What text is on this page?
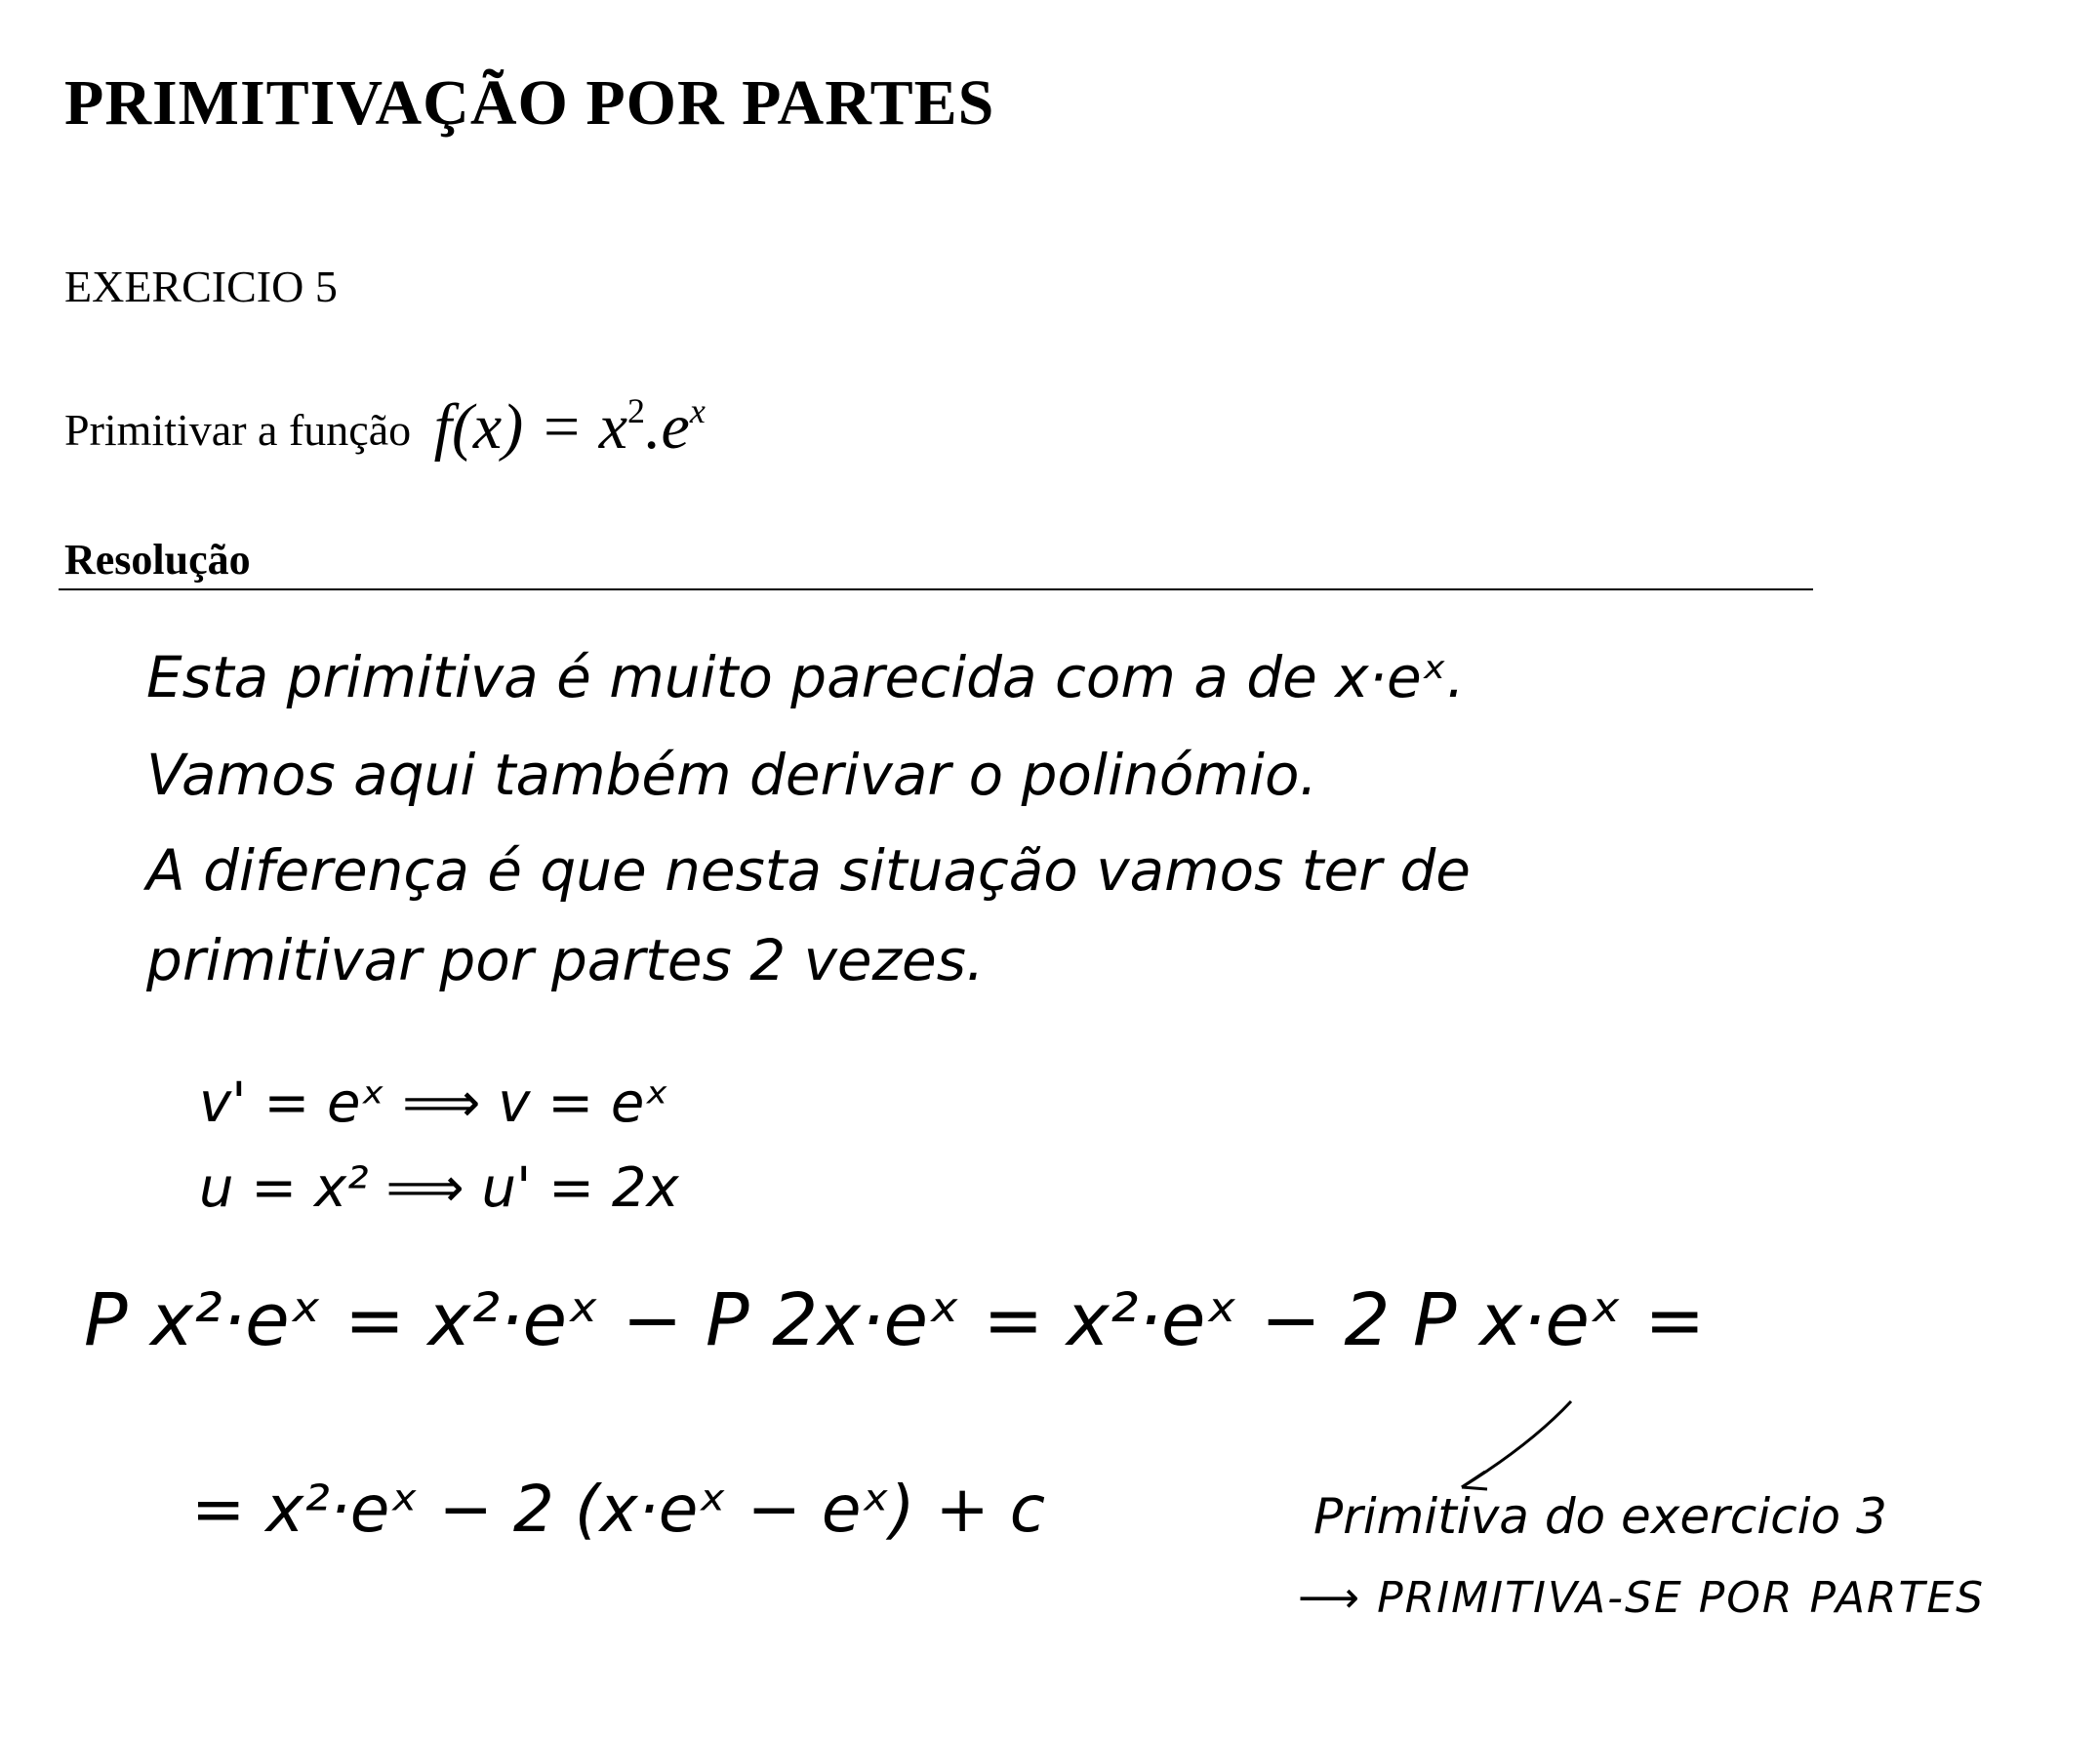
PRIMITIVAÇÃO POR PARTES
EXERCICIO 5
Primitivar a função $f(x) = x^2.e^x$
Resolução
Esta primitiva é muito parecida com a de x·eˣ.
Vamos aqui também derivar o polinómio.
A diferença é que nesta situação vamos ter de
primitivar por partes 2 vezes.
v' = eˣ ⟹ v = eˣ
u = x² ⟹ u' = 2x
P x²·eˣ = x²·eˣ − P 2x·eˣ = x²·eˣ − 2 P x·eˣ =
= x²·eˣ − 2 (x·eˣ − eˣ) + c	Primitiva do exercicio 3
⟶ PRIMITIVA-SE POR PARTES
